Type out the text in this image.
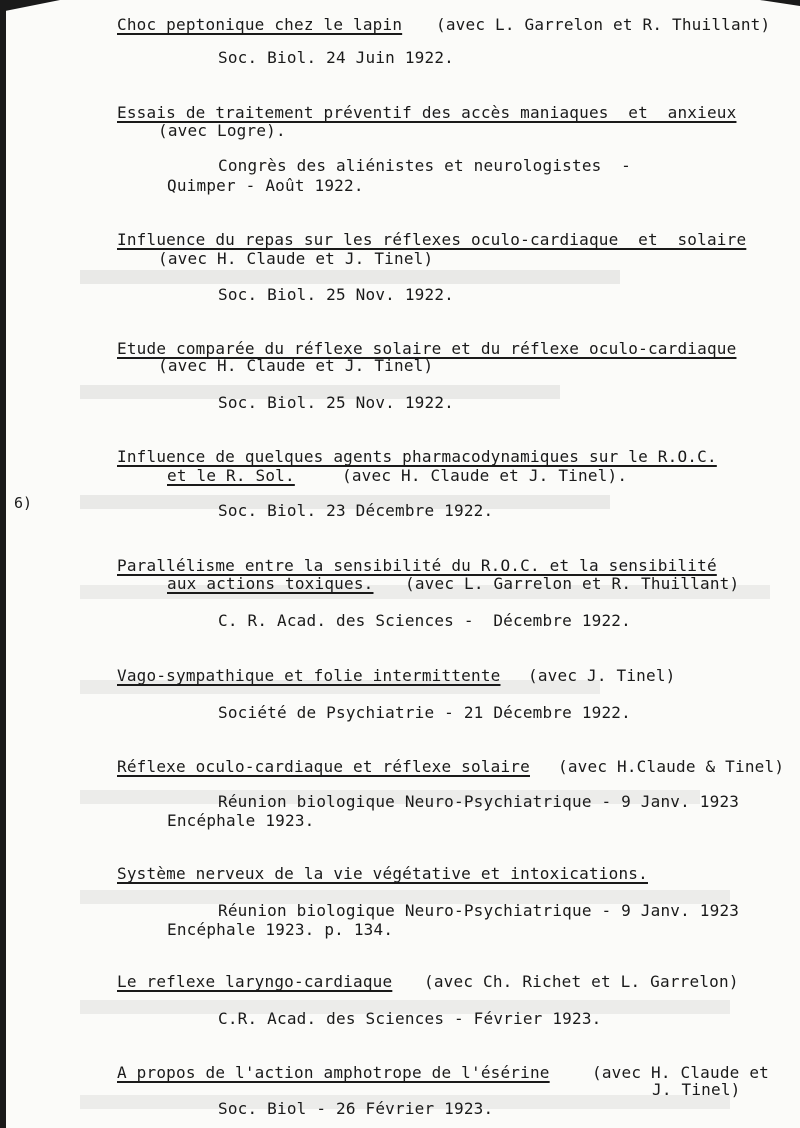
6)
Choc peptonique chez le lapin (avec L. Garrelon et R. Thuillant)
Soc. Biol. 24 Juin 1922.
Essais de traitement préventif des accès maniaques  et  anxieux
(avec Logre).
Congrès des aliénistes et neurologistes  -
Quimper - Août 1922.
Influence du repas sur les réflexes oculo-cardiaque  et  solaire
(avec H. Claude et J. Tinel)
Soc. Biol. 25 Nov. 1922.
Etude comparée du réflexe solaire et du réflexe oculo-cardiaque
(avec H. Claude et J. Tinel)
Soc. Biol. 25 Nov. 1922.
Influence de quelques agents pharmacodynamiques sur le R.O.C.
et le R. Sol.	(avec H. Claude et J. Tinel).
Soc. Biol. 23 Décembre 1922.
Parallélisme entre la sensibilité du R.O.C. et la sensibilité
aux actions toxiques. (avec L. Garrelon et R. Thuillant)
C. R. Acad. des Sciences -  Décembre 1922.
Vago-sympathique et folie intermittente (avec J. Tinel)
Société de Psychiatrie - 21 Décembre 1922.
Réflexe oculo-cardiaque et réflexe solaire (avec H.Claude & Tinel)
Réunion biologique Neuro-Psychiatrique - 9 Janv. 1923
Encéphale 1923.
Système nerveux de la vie végétative et intoxications.
Réunion biologique Neuro-Psychiatrique - 9 Janv. 1923
Encéphale 1923. p. 134.
Le reflexe laryngo-cardiaque (avec Ch. Richet et L. Garrelon)
C.R. Acad. des Sciences - Février 1923.
A propos de l'action amphotrope de l'ésérine	(avec H. Claude et
J. Tinel)
Soc. Biol - 26 Février 1923.
